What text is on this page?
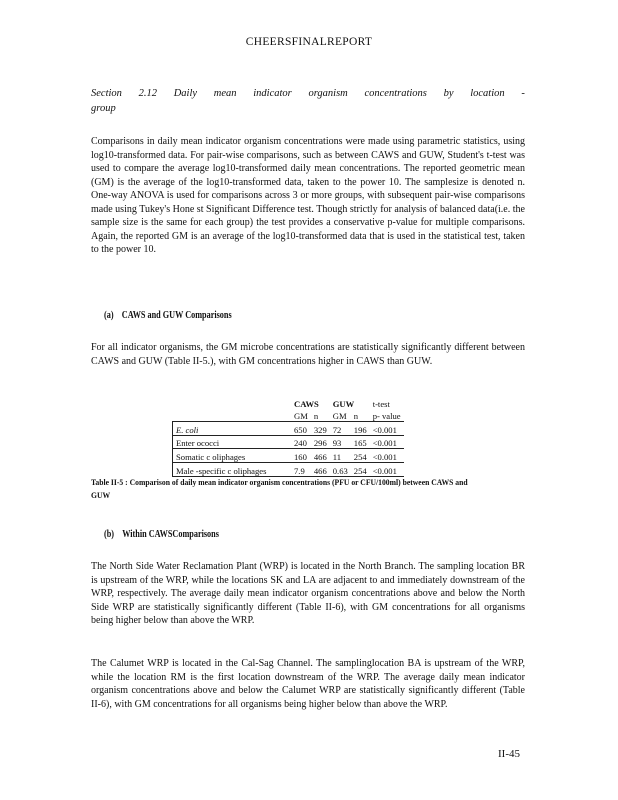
CHEERSFINALREPORT
Section 2.12 Daily mean indicator organism concentrations by location -
group
Comparisons in daily mean indicator organism concentrations were made using parametric statistics, using log10-transformed data. For pair-wise comparisons, such as between CAWS and GUW, Student's t-test was used to compare the average log10-transformed daily mean concentrations. The reported geometric mean (GM) is the average of the log10-transformed data, taken to the power 10. The samplesize is denoted n. One-way ANOVA is used for comparisons across 3 or more groups, with subsequent pair-wise comparisons made using Tukey's Hone st Significant Difference test. Though strictly for analysis of balanced data(i.e. the sample size is the same for each group) the test provides a conservative p-value for multiple comparisons. Again, the reported GM is an average of the log10-transformed data that is used in the statistical test, taken to the power 10.
(a) CAWS and GUW Comparisons
For all indicator organisms, the GM microbe concentrations are statistically significantly different between CAWS and GUW (Table II-5.), with GM concentrations higher in CAWS than GUW.
	CAWS		GUW		t-test
	GM	n	GM	n	p- value
E. coli	650	329	72	196	<0.001
Enter ococci	240	296	93	165	<0.001
Somatic c oliphages	160	466	11	254	<0.001
Male -specific c oliphages	7.9	466	0.63	254	<0.001
Table II-5 : Comparison of daily mean indicator organism concentrations (PFU or CFU/100ml) between CAWS and GUW
(b) Within CAWSComparisons
The North Side Water Reclamation Plant (WRP) is located in the North Branch. The sampling location BR is upstream of the WRP, while the locations SK and LA are adjacent to and immediately downstream of the WRP, respectively. The average daily mean indicator organism concentrations above and below the North Side WRP are statistically significantly different (Table II-6), with GM concentrations for all organisms being higher below than above the WRP.
The Calumet WRP is located in the Cal-Sag Channel. The samplinglocation BA is upstream of the WRP, while the location RM is the first location downstream of the WRP. The average daily mean indicator organism concentrations above and below the Calumet WRP are statistically significantly different (Table II-6), with GM concentrations for all organisms being higher below than above the WRP.
II-45
